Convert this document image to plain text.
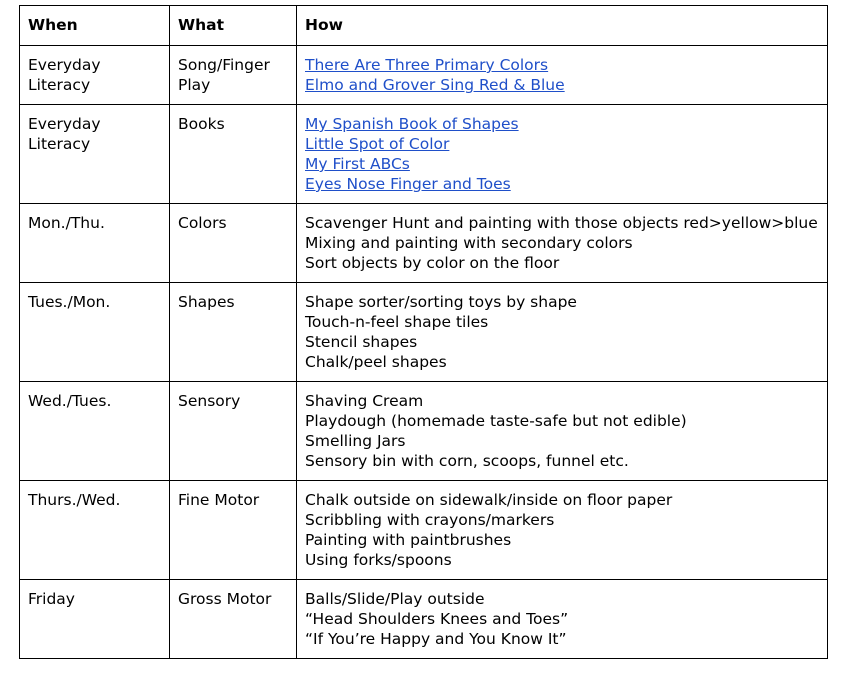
When	What	How
Everyday Literacy	Song/Finger Play	There Are Three Primary Colors
Elmo and Grover Sing Red & Blue

Everyday Literacy	Books	My Spanish Book of Shapes
Little Spot of Color
My First ABCs
Eyes Nose Finger and Toes

Mon./Thu.	Colors	Scavenger Hunt and painting with those objects red>yellow>blue
Mixing and painting with secondary colors
Sort objects by color on the floor

Tues./Mon.	Shapes	Shape sorter/sorting toys by shape
Touch-n-feel shape tiles
Stencil shapes
Chalk/peel shapes

Wed./Tues.	Sensory	Shaving Cream
Playdough (homemade taste-safe but not edible)
Smelling Jars
Sensory bin with corn, scoops, funnel etc.

Thurs./Wed.	Fine Motor	Chalk outside on sidewalk/inside on floor paper
Scribbling with crayons/markers
Painting with paintbrushes
Using forks/spoons

Friday	Gross Motor	Balls/Slide/Play outside
“Head Shoulders Knees and Toes”
“If You’re Happy and You Know It”
